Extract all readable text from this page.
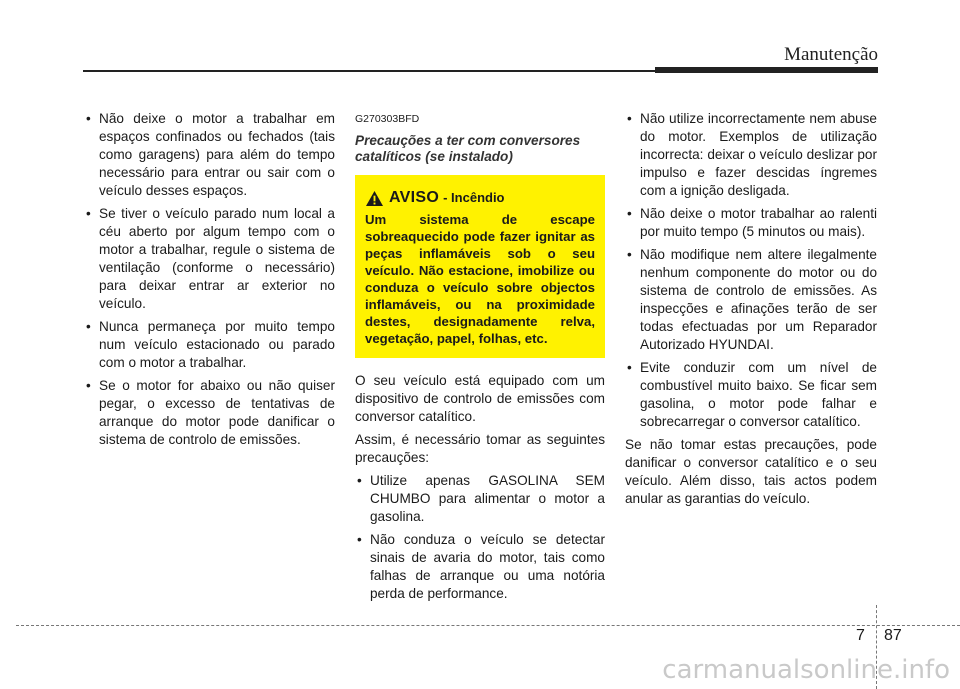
Manutenção
• Não deixe o motor a trabalhar em espaços confinados ou fechados (tais como garagens) para além do tempo necessário para entrar ou sair com o veículo desses espaços.
• Se tiver o veículo parado num local a céu aberto por algum tempo com o motor a trabalhar, regule o sistema de ventilação (conforme o necessário) para deixar entrar ar exterior no veículo.
• Nunca permaneça por muito tempo num veículo estacionado ou parado com o motor a trabalhar.
• Se o motor for abaixo ou não quiser pegar, o excesso de tentativas de arranque do motor pode danificar o sistema de controlo de emissões.
G270303BFD
Precauções a ter com conversores catalíticos (se instalado)
AVISO - Incêndio

Um sistema de escape sobreaquecido pode fazer ignitar as peças inflamáveis sob o seu veículo. Não estacione, imobilize ou conduza o veículo sobre objectos inflamáveis, ou na proximidade destes, designadamente relva, vegetação, papel, folhas, etc.

O seu veículo está equipado com um dispositivo de controlo de emissões com conversor catalítico.

Assim, é necessário tomar as seguintes precauções:

• Utilize apenas GASOLINA SEM CHUMBO para alimentar o motor a gasolina.
• Não conduza o veículo se detectar sinais de avaria do motor, tais como falhas de arranque ou uma notória perda de performance.
• Não utilize incorrectamente nem abuse do motor. Exemplos de utilização incorrecta: deixar o veículo deslizar por impulso e fazer descidas íngremes com a ignição desligada.
• Não deixe o motor trabalhar ao ralenti por muito tempo (5 minutos ou mais).
• Não modifique nem altere ilegalmente nenhum componente do motor ou do sistema de controlo de emissões. As inspecções e afinações terão de ser todas efectuadas por um Reparador Autorizado HYUNDAI.
• Evite conduzir com um nível de combustível muito baixo. Se ficar sem gasolina, o motor pode falhar e sobrecarregar o conversor catalítico.

Se não tomar estas precauções, pode danificar o conversor catalítico e o seu veículo. Além disso, tais actos podem anular as garantias do veículo.

7 87
carmanualsonline.info
